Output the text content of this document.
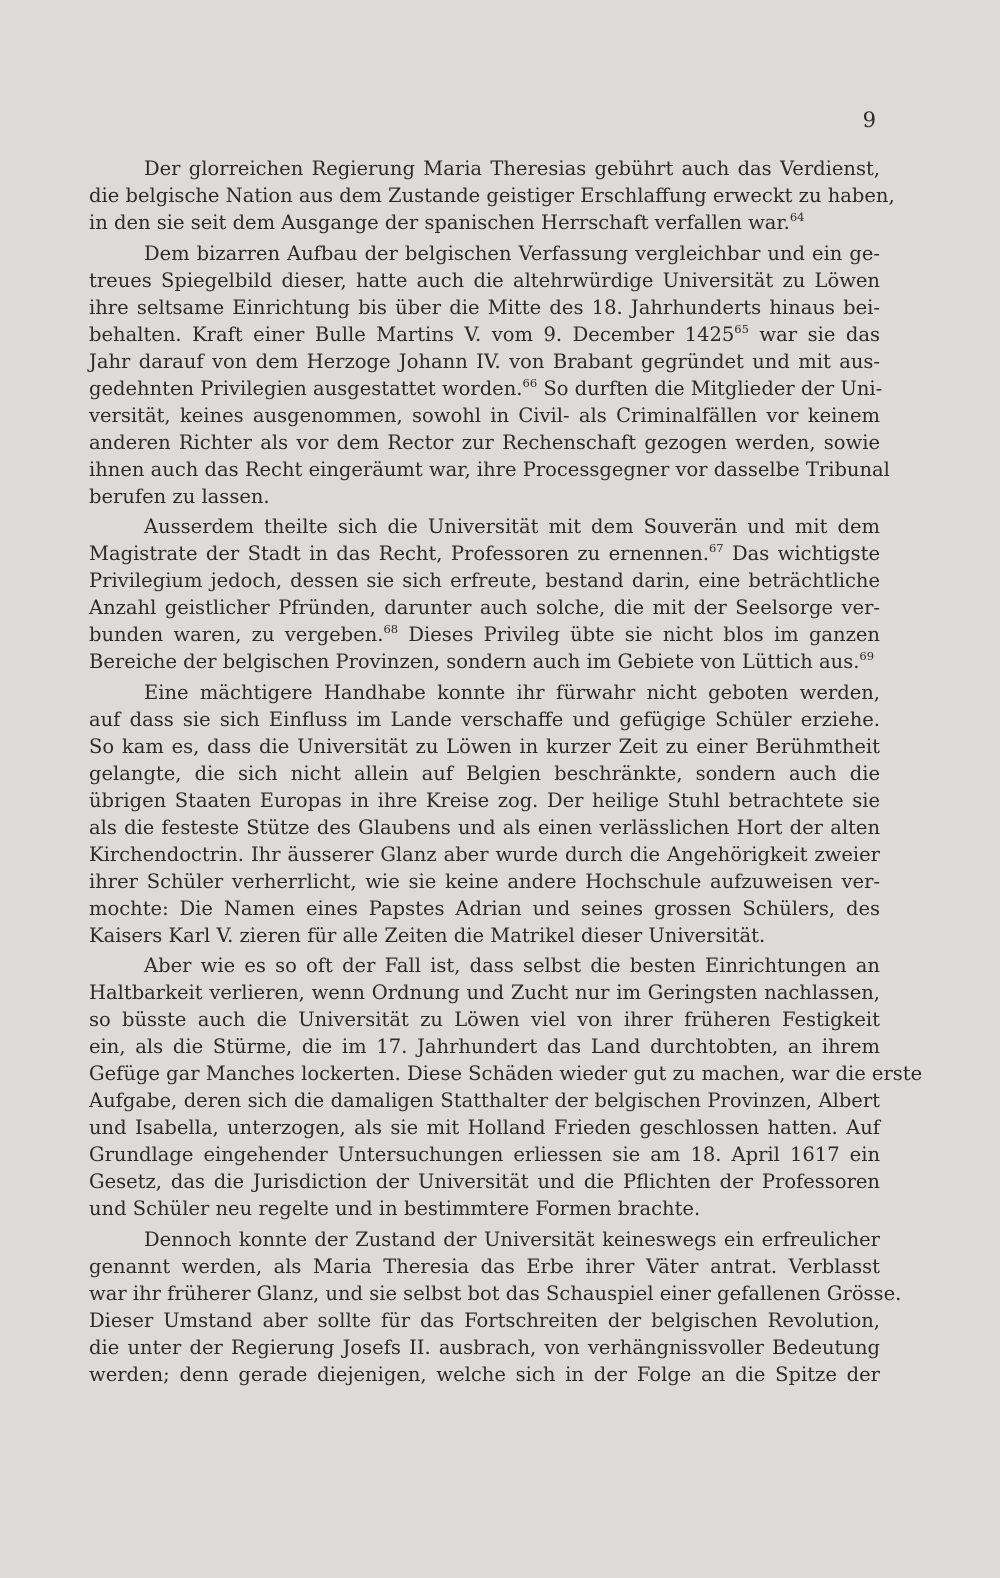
9
Der glorreichen Regierung Maria Theresias gebührt auch das Verdienst,
die belgische Nation aus dem Zustande geistiger Erschlaffung erweckt zu haben,
in den sie seit dem Ausgange der spanischen Herrschaft verfallen war.$^{64}$
Dem bizarren Aufbau der belgischen Verfassung vergleichbar und ein ge-
treues Spiegelbild dieser, hatte auch die altehrwürdige Universität zu Löwen
ihre seltsame Einrichtung bis über die Mitte des 18. Jahrhunderts hinaus bei-
behalten. Kraft einer Bulle Martins V. vom 9. December 1425$^{65}$ war sie das
Jahr darauf von dem Herzoge Johann IV. von Brabant gegründet und mit aus-
gedehnten Privilegien ausgestattet worden.$^{66}$ So durften die Mitglieder der Uni-
versität, keines ausgenommen, sowohl in Civil- als Criminalfällen vor keinem
anderen Richter als vor dem Rector zur Rechenschaft gezogen werden, sowie
ihnen auch das Recht eingeräumt war, ihre Processgegner vor dasselbe Tribunal
berufen zu lassen.
Ausserdem theilte sich die Universität mit dem Souverän und mit dem
Magistrate der Stadt in das Recht, Professoren zu ernennen.$^{67}$ Das wichtigste
Privilegium jedoch, dessen sie sich erfreute, bestand darin, eine beträchtliche
Anzahl geistlicher Pfründen, darunter auch solche, die mit der Seelsorge ver-
bunden waren, zu vergeben.$^{68}$ Dieses Privileg übte sie nicht blos im ganzen
Bereiche der belgischen Provinzen, sondern auch im Gebiete von Lüttich aus.$^{69}$
Eine mächtigere Handhabe konnte ihr fürwahr nicht geboten werden,
auf dass sie sich Einfluss im Lande verschaffe und gefügige Schüler erziehe.
So kam es, dass die Universität zu Löwen in kurzer Zeit zu einer Berühmtheit
gelangte, die sich nicht allein auf Belgien beschränkte, sondern auch die
übrigen Staaten Europas in ihre Kreise zog. Der heilige Stuhl betrachtete sie
als die festeste Stütze des Glaubens und als einen verlässlichen Hort der alten
Kirchendoctrin. Ihr äusserer Glanz aber wurde durch die Angehörigkeit zweier
ihrer Schüler verherrlicht, wie sie keine andere Hochschule aufzuweisen ver-
mochte: Die Namen eines Papstes Adrian und seines grossen Schülers, des
Kaisers Karl V. zieren für alle Zeiten die Matrikel dieser Universität.
Aber wie es so oft der Fall ist, dass selbst die besten Einrichtungen an
Haltbarkeit verlieren, wenn Ordnung und Zucht nur im Geringsten nachlassen,
so büsste auch die Universität zu Löwen viel von ihrer früheren Festigkeit
ein, als die Stürme, die im 17. Jahrhundert das Land durchtobten, an ihrem
Gefüge gar Manches lockerten. Diese Schäden wieder gut zu machen, war die erste
Aufgabe, deren sich die damaligen Statthalter der belgischen Provinzen, Albert
und Isabella, unterzogen, als sie mit Holland Frieden geschlossen hatten. Auf
Grundlage eingehender Untersuchungen erliessen sie am 18. April 1617 ein
Gesetz, das die Jurisdiction der Universität und die Pflichten der Professoren
und Schüler neu regelte und in bestimmtere Formen brachte.
Dennoch konnte der Zustand der Universität keineswegs ein erfreulicher
genannt werden, als Maria Theresia das Erbe ihrer Väter antrat. Verblasst
war ihr früherer Glanz, und sie selbst bot das Schauspiel einer gefallenen Grösse.
Dieser Umstand aber sollte für das Fortschreiten der belgischen Revolution,
die unter der Regierung Josefs II. ausbrach, von verhängnissvoller Bedeutung
werden; denn gerade diejenigen, welche sich in der Folge an die Spitze der
